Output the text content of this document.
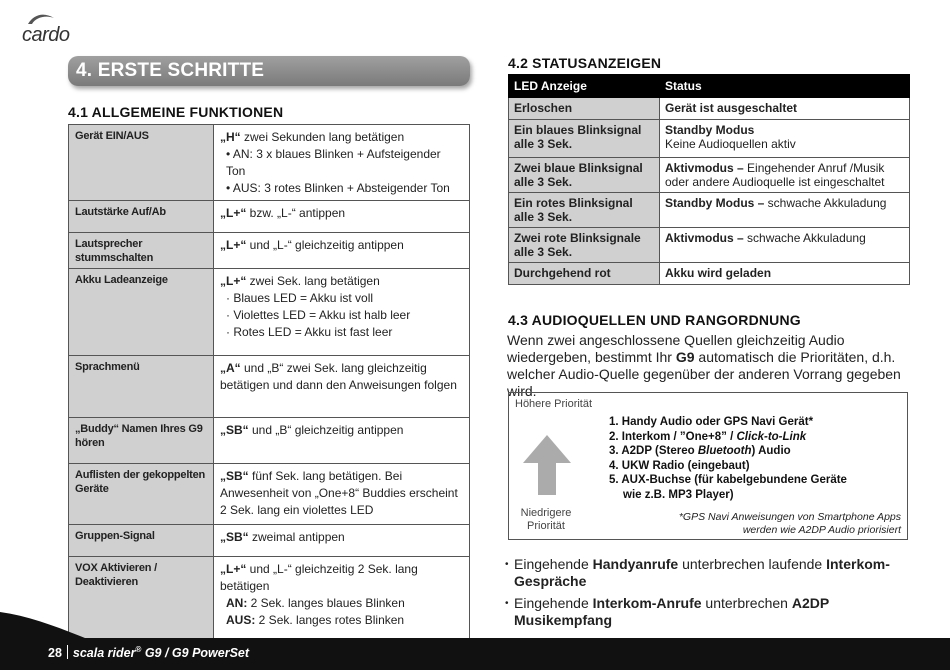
cardo
4. ERSTE SCHRITTE
4.1 ALLGEMEINE FUNKTIONEN
Gerät EIN/AUS	„H“ zwei Sekunden lang betätigen
• AN: 3 x blaues Blinken + Aufsteigender Ton
• AUS: 3 rotes Blinken + Absteigender Ton

Lautstärke Auf/Ab	„L+“ bzw. „L-“ antippen

Lautsprecher stummschalten	„L+“ und „L-“ gleichzeitig antippen

Akku Ladeanzeige	„L+“ zwei Sek. lang betätigen
· Blaues LED = Akku ist voll
· Violettes LED = Akku ist halb leer
· Rotes LED = Akku ist fast leer

Sprachmenü	„A“ und „B“ zwei Sek. lang gleichzeitig betätigen und dann den Anweisungen folgen

„Buddy“ Namen Ihres G9 hören	„SB“ und „B“ gleichzeitig antippen

Auflisten der gekoppelten Geräte	„SB“ fünf Sek. lang betätigen. Bei Anwesenheit von „One+8“ Buddies erscheint 2 Sek. lang ein violettes LED

Gruppen-Signal	„SB“ zweimal antippen

VOX Aktivieren / Deaktivieren	„L+“ und „L-“ gleichzeitig 2 Sek. lang betätigen
AN: 2 Sek. langes blaues Blinken
AUS: 2 Sek. langes rotes Blinken
4.2 STATUSANZEIGEN
LED Anzeige	Status
Erloschen	Gerät ist ausgeschaltet
Ein blaues Blinksignal alle 3 Sek.	Standby Modus
Keine Audioquellen aktiv

Zwei blaue Blinksignal alle 3 Sek.	Aktivmodus – Eingehender Anruf /Musik oder andere Audioquelle ist eingeschaltet
Ein rotes Blinksignal alle 3 Sek.	Standby Modus – schwache Akkuladung
Zwei rote Blinksignale alle 3 Sek.	Aktivmodus – schwache Akkuladung
Durchgehend rot	Akku wird geladen
4.3 AUDIOQUELLEN UND RANGORDNUNG
Wenn zwei angeschlossene Quellen gleichzeitig Audio wiedergeben, bestimmt Ihr G9 automatisch die Prioritäten, d.h. welcher Audio-Quelle gegenüber der anderen Vorrang gegeben wird.
Höhere Priorität
Niedrigere Priorität
1. Handy Audio oder GPS Navi Gerät*
2. Interkom / ”One+8” / Click-to-Link
3. A2DP (Stereo Bluetooth) Audio
4. UKW Radio (eingebaut)
5. AUX-Buchse (für kabelgebundene Geräte
wie z.B. MP3 Player)
*GPS Navi Anweisungen von Smartphone Apps
werden wie A2DP Audio priorisiert
• Eingehende Handyanrufe unterbrechen laufende Interkom-Gespräche
• Eingehende Interkom-Anrufe unterbrechen A2DP Musikempfang
28 scala rider® G9 / G9 PowerSet
